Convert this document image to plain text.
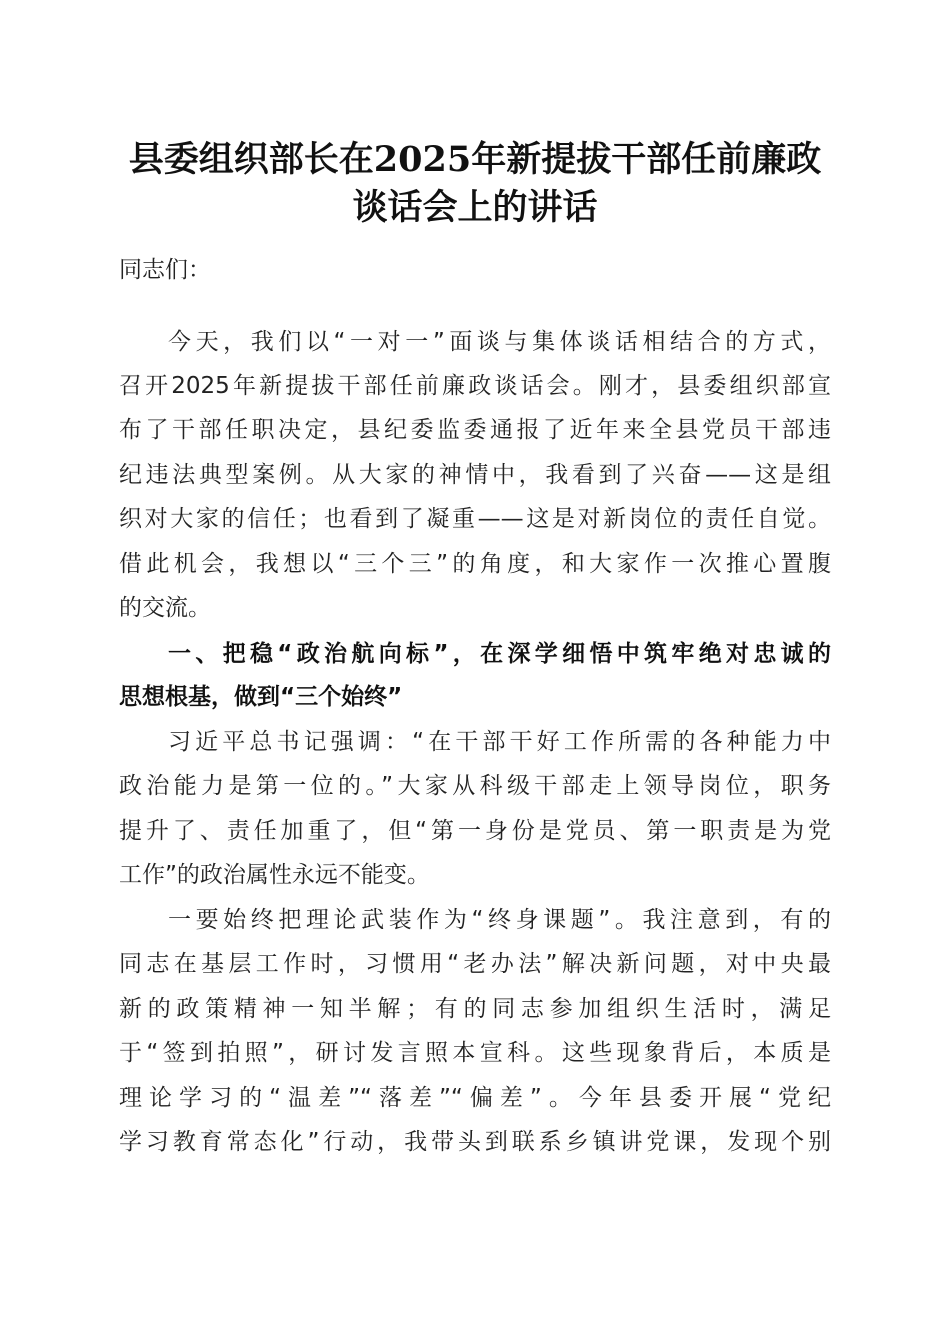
县委组织部长在2025年新提拔干部任前廉政
谈话会上的讲话
同志们：
今天，我们以“一对一”面谈与集体谈话相结合的方式，
召开2025年新提拔干部任前廉政谈话会。刚才，县委组织部宣
布了干部任职决定，县纪委监委通报了近年来全县党员干部违
纪违法典型案例。从大家的神情中，我看到了兴奋——这是组
织对大家的信任；也看到了凝重——这是对新岗位的责任自觉。
借此机会，我想以“三个三”的角度，和大家作一次推心置腹
的交流。
一、把稳“政治航向标”，在深学细悟中筑牢绝对忠诚的
思想根基，做到“三个始终”
习近平总书记强调：“在干部干好工作所需的各种能力中
政治能力是第一位的。”大家从科级干部走上领导岗位，职务
提升了、责任加重了，但“第一身份是党员、第一职责是为党
工作”的政治属性永远不能变。
一要始终把理论武装作为“终身课题”。我注意到，有的
同志在基层工作时，习惯用“老办法”解决新问题，对中央最
新的政策精神一知半解；有的同志参加组织生活时，满足
于“签到拍照”，研讨发言照本宣科。这些现象背后，本质是
理论学习的“温差”“落差”“偏差”。今年县委开展“党纪
学习教育常态化”行动，我带头到联系乡镇讲党课，发现个别
